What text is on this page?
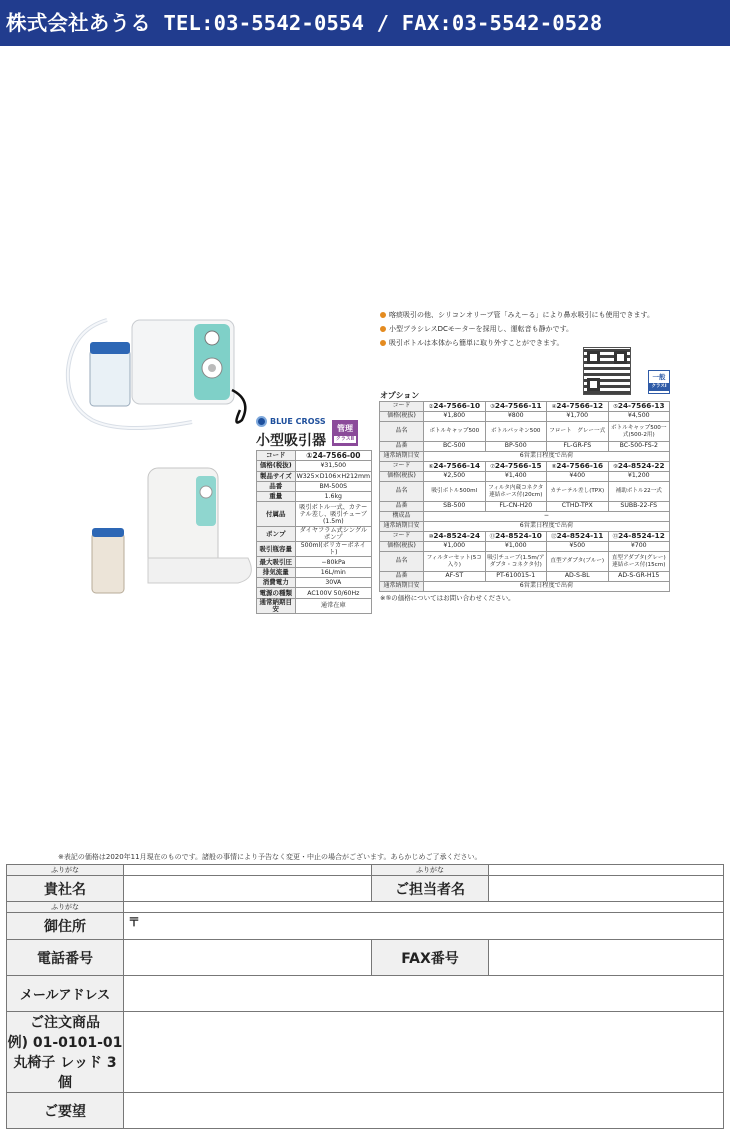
株式会社あうる TEL:03-5542-0554 / FAX:03-5542-0528
BLUE CROSS
小型吸引器
管理
クラスⅡ
コード	①24-7566-00
価格(税抜)	¥31,500
製品サイズ	W325×D106×H212mm
品番	BM-500S
重量	1.6kg
付属品	吸引ボトル一式、カテーテル差し、吸引チューブ(1.5m)
ポンプ	ダイヤフラム式シングルポンプ
吸引瓶容量	500ml(ポリカーボネイト)
最大吸引圧	−80kPa
排気流量	16L/min
消費電力	30VA
電源の種類	AC100V 50/60Hz
通常納期目安	通常在庫
喀痰吸引の他、シリコンオリーブ管「みえーる」により鼻水吸引にも使用できます。
小型ブラシレスDCモーターを採用し、運転音も静かです。
吸引ボトルは本体から簡単に取り外すことができます。
一般
クラスⅠ
オプション
コード	②24-7566-10	③24-7566-11	④24-7566-12	⑤24-7566-13
価格(税抜)	¥1,800	¥800	¥1,700	¥4,500
品名	ボトルキャップ500	ボトルパッキン500	フロート　グレー一式	ボトルキャップ500一式(500-2用)
品番	BC-500	BP-500	FL-GR-FS	BC-500-FS-2
通常納期目安	6営業日程度で出荷			
コード	⑥24-7566-14	⑦24-7566-15	⑧24-7566-16	⑨24-8524-22
価格(税抜)	¥2,500	¥1,400	¥400	¥1,200
品名	吸引ボトル500ml	フィルタ内蔵コネクタ連結ホース付(20cm)	カテーテル差し(TPX)	補助ボトル22一式
品番	SB-500	FL-CN-H20	CTHD-TPX	SUBB-22-FS
構成品	−			
通常納期目安	6営業日程度で出荷			
コード	⑩24-8524-24	⑪24-8524-10	⑫24-8524-11	⑬24-8524-12
価格(税抜)	¥1,000	¥1,000	¥500	¥700
品名	フィルターセット(5コ入り)	吸引チューブ(1.5m/アダプタ・コネクタ付)	直型アダプタ(ブルー)	直型アダプタ(グレー)連結ホース付(15cm)
品番	AF-ST	PT-610015-1	AD-S-BL	AD-S-GR-H15
通常納期目安	6営業日程度で出荷			
※⑤の価格についてはお問い合わせください。
※表記の価格は2020年11月現在のものです。諸般の事情により予告なく変更・中止の場合がございます。あらかじめご了承ください。
ふりがな		ふりがな	
貴社名		ご担当者名	
ふりがな			
御住所	〒		
電話番号		FAX番号	
メールアドレス			

ご注文商品
例) 01-0101-01 丸椅子 レッド 3個			

ご要望			
